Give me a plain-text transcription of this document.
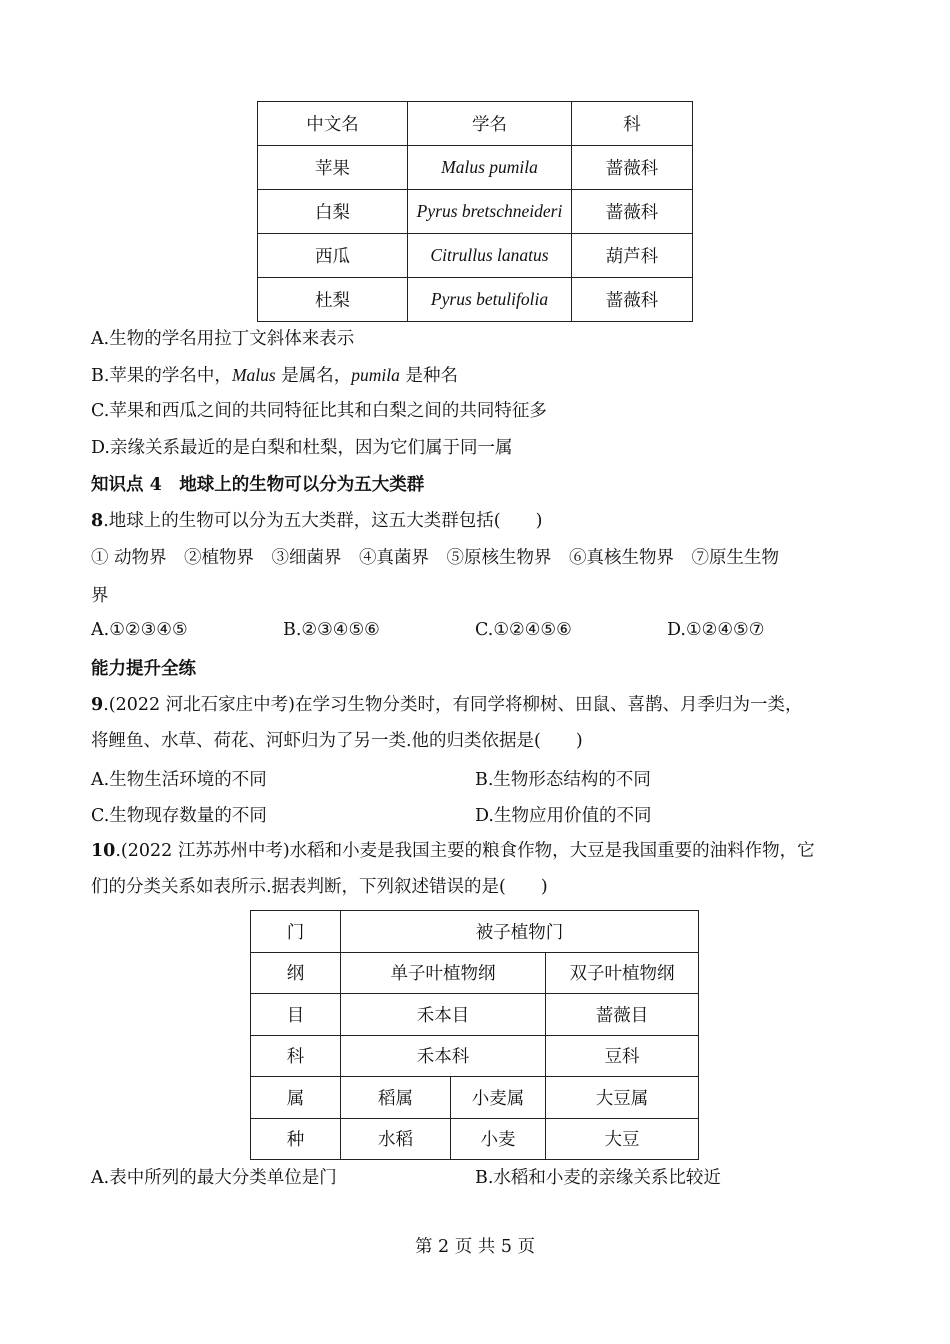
中文名	学名	科
苹果	Malus pumila	蔷薇科
白梨	Pyrus bretschneideri	蔷薇科
西瓜	Citrullus lanatus	葫芦科
杜梨	Pyrus betulifolia	蔷薇科
A.生物的学名用拉丁文斜体来表示
B.苹果的学名中，Malus 是属名，pumila 是种名
C.苹果和西瓜之间的共同特征比其和白梨之间的共同特征多
D.亲缘关系最近的是白梨和杜梨，因为它们属于同一属
知识点 4　地球上的生物可以分为五大类群
8.地球上的生物可以分为五大类群，这五大类群包括(　　)
① 动物界　②植物界　③细菌界　④真菌界　⑤原核生物界　⑥真核生物界　⑦原生生物
界
A.①②③④⑤	B.②③④⑤⑥	C.①②④⑤⑥	D.①②④⑤⑦
能力提升全练
9.(2022 河北石家庄中考)在学习生物分类时，有同学将柳树、田鼠、喜鹊、月季归为一类，
将鲤鱼、水草、荷花、河虾归为了另一类.他的归类依据是(　　)
A.生物生活环境的不同	B.生物形态结构的不同
C.生物现存数量的不同	D.生物应用价值的不同
10.(2022 江苏苏州中考)水稻和小麦是我国主要的粮食作物，大豆是我国重要的油料作物，它
们的分类关系如表所示.据表判断，下列叙述错误的是(　　)
门	被子植物门		
纲	单子叶植物纲		双子叶植物纲
目	禾本目		蔷薇目
科	禾本科		豆科
属	稻属	小麦属	大豆属
种	水稻	小麦	大豆
A.表中所列的最大分类单位是门	B.水稻和小麦的亲缘关系比较近
第 2 页 共 5 页
